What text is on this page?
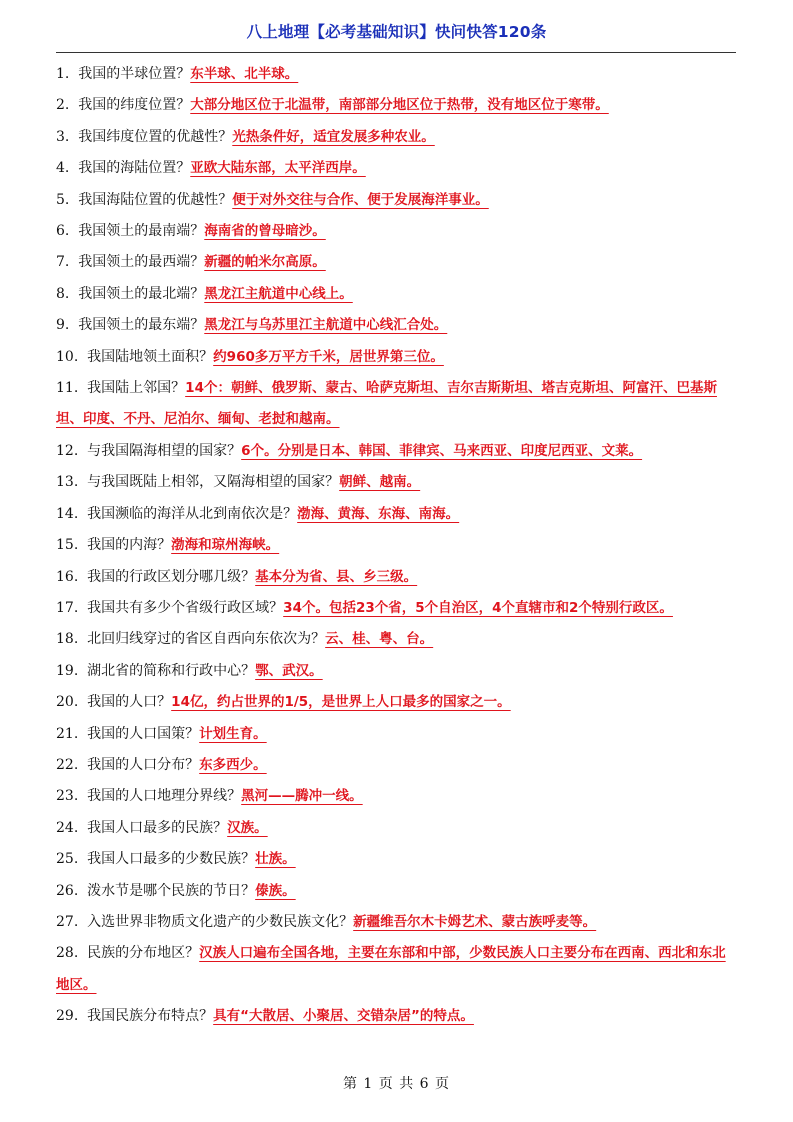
八上地理【必考基础知识】快问快答120条
1. 我国的半球位置？东半球、北半球。
2. 我国的纬度位置？大部分地区位于北温带，南部部分地区位于热带，没有地区位于寒带。
3. 我国纬度位置的优越性？光热条件好，适宜发展多种农业。
4. 我国的海陆位置？亚欧大陆东部，太平洋西岸。
5. 我国海陆位置的优越性？便于对外交往与合作、便于发展海洋事业。
6. 我国领土的最南端？海南省的曾母暗沙。
7. 我国领土的最西端？新疆的帕米尔高原。
8. 我国领土的最北端？黑龙江主航道中心线上。
9. 我国领土的最东端？黑龙江与乌苏里江主航道中心线汇合处。
10. 我国陆地领土面积？约960多万平方千米，居世界第三位。
11. 我国陆上邻国？14个：朝鲜、俄罗斯、蒙古、哈萨克斯坦、吉尔吉斯斯坦、塔吉克斯坦、阿富汗、巴基斯坦、印度、不丹、尼泊尔、缅甸、老挝和越南。
12. 与我国隔海相望的国家？6个。分别是日本、韩国、菲律宾、马来西亚、印度尼西亚、文莱。
13. 与我国既陆上相邻，又隔海相望的国家？朝鲜、越南。
14. 我国濒临的海洋从北到南依次是？渤海、黄海、东海、南海。
15. 我国的内海？渤海和琼州海峡。
16. 我国的行政区划分哪几级？基本分为省、县、乡三级。
17. 我国共有多少个省级行政区域？34个。包括23个省，5个自治区，4个直辖市和2个特别行政区。
18. 北回归线穿过的省区自西向东依次为？云、桂、粤、台。
19. 湖北省的简称和行政中心？鄂、武汉。
20. 我国的人口？14亿，约占世界的1/5，是世界上人口最多的国家之一。
21. 我国的人口国策？计划生育。
22. 我国的人口分布？东多西少。
23. 我国的人口地理分界线？黑河——腾冲一线。
24. 我国人口最多的民族？汉族。
25. 我国人口最多的少数民族？壮族。
26. 泼水节是哪个民族的节日？傣族。
27. 入选世界非物质文化遗产的少数民族文化？新疆维吾尔木卡姆艺术、蒙古族呼麦等。
28. 民族的分布地区？汉族人口遍布全国各地，主要在东部和中部，少数民族人口主要分布在西南、西北和东北地区。
29. 我国民族分布特点？具有“大散居、小聚居、交错杂居”的特点。
第 1 页 共 6 页
